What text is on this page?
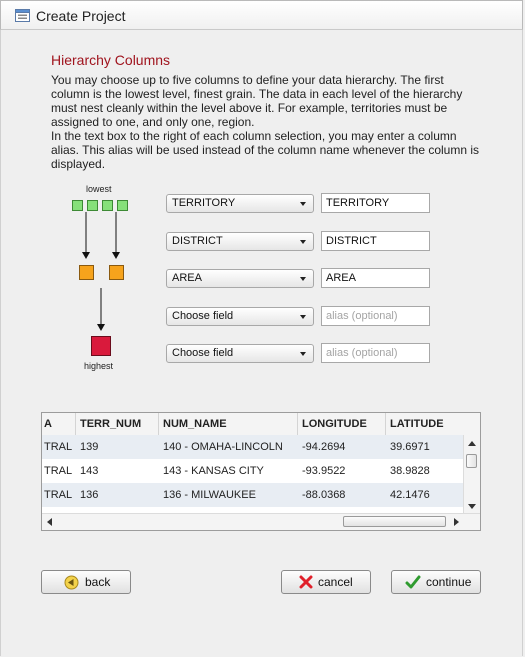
Create Project
Hierarchy Columns

You may choose up to five columns to define your data hierarchy. The first column is the lowest level, finest grain. The data in each level of the hierarchy must nest cleanly within the level above it. For example, territories must be assigned to one, and only one, region.

In the text box to the right of each column selection, you may enter a column alias. This alias will be used instead of the column name whenever the column is displayed.

lowest
highest
TERRITORY	TERRITORY
DISTRICT	DISTRICT
AREA	AREA
Choose field	alias (optional)
Choose field	alias (optional)
A	TERR_NUM	NUM_NAME	LONGITUDE	LATITUDE
TRAL 139	140 - OMAHA-LINCOLN	-94.2694	39.6971
TRAL 143	143 - KANSAS CITY	-93.9522	38.9828
TRAL 136	136 - MILWAUKEE	-88.0368	42.1476
back	cancel	continue
